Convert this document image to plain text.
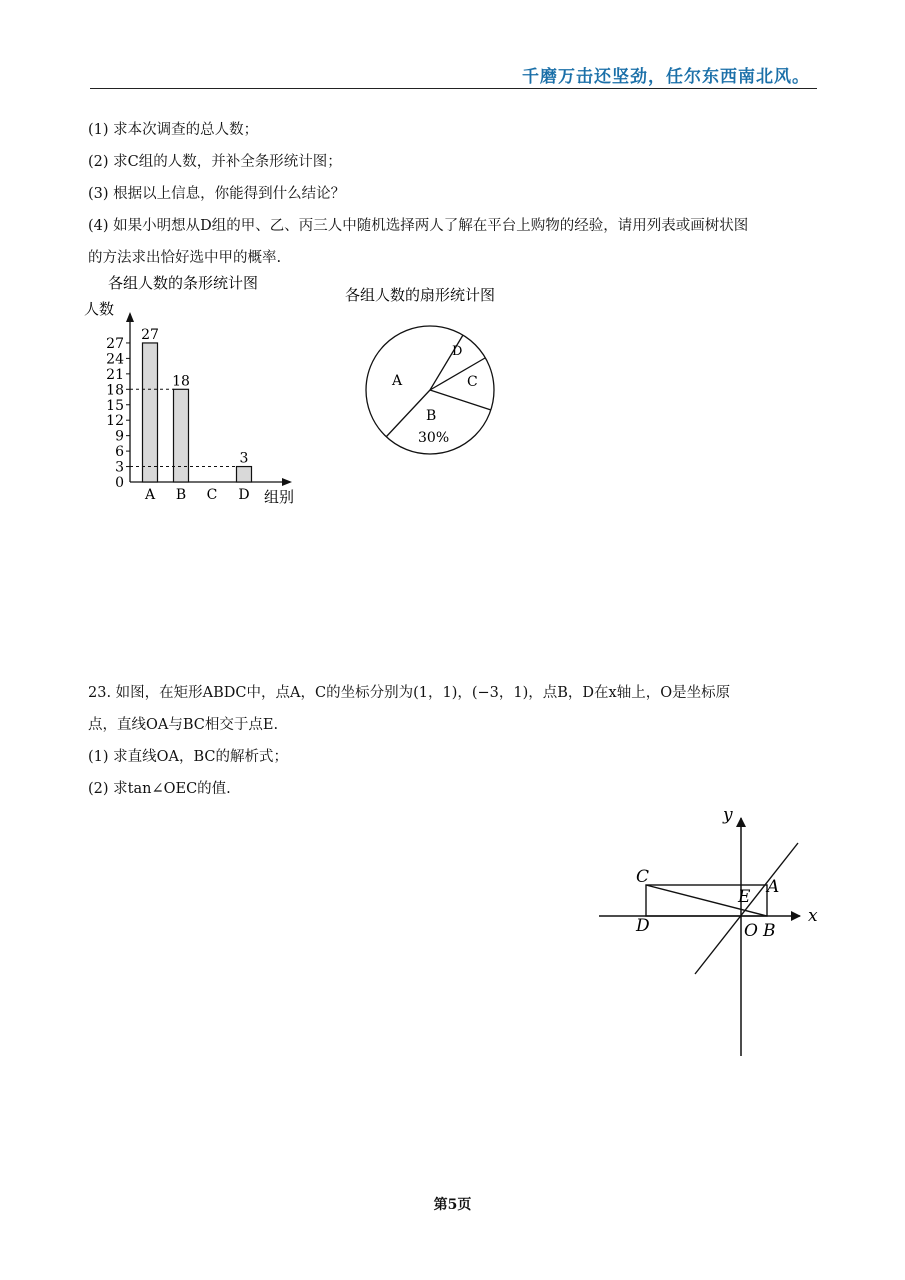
千磨万击还坚劲，任尔东西南北风。
(1) 求本次调查的总人数；
(2) 求C组的人数，并补全条形统计图；
(3) 根据以上信息，你能得到什么结论？
(4) 如果小明想从D组的甲、乙、丙三人中随机选择两人了解在平台上购物的经验，请用列表或画树状图
的方法求出恰好选中甲的概率.
各组人数的条形统计图
人数
组别
0
3
6
9
12
15
18
21
24
27
A
27
B
18
C D
3
各组人数的扇形统计图
A
B
C
D
30%
23. 如图，在矩形ABDC中，点A，C的坐标分别为(1，1)，(−3，1)，点B，D在x轴上，O是坐标原
点，直线OA与BC相交于点E.
(1) 求直线OA，BC的解析式；
(2) 求tan∠OEC的值.
y
x
C	A
E
D	O B
第5页
